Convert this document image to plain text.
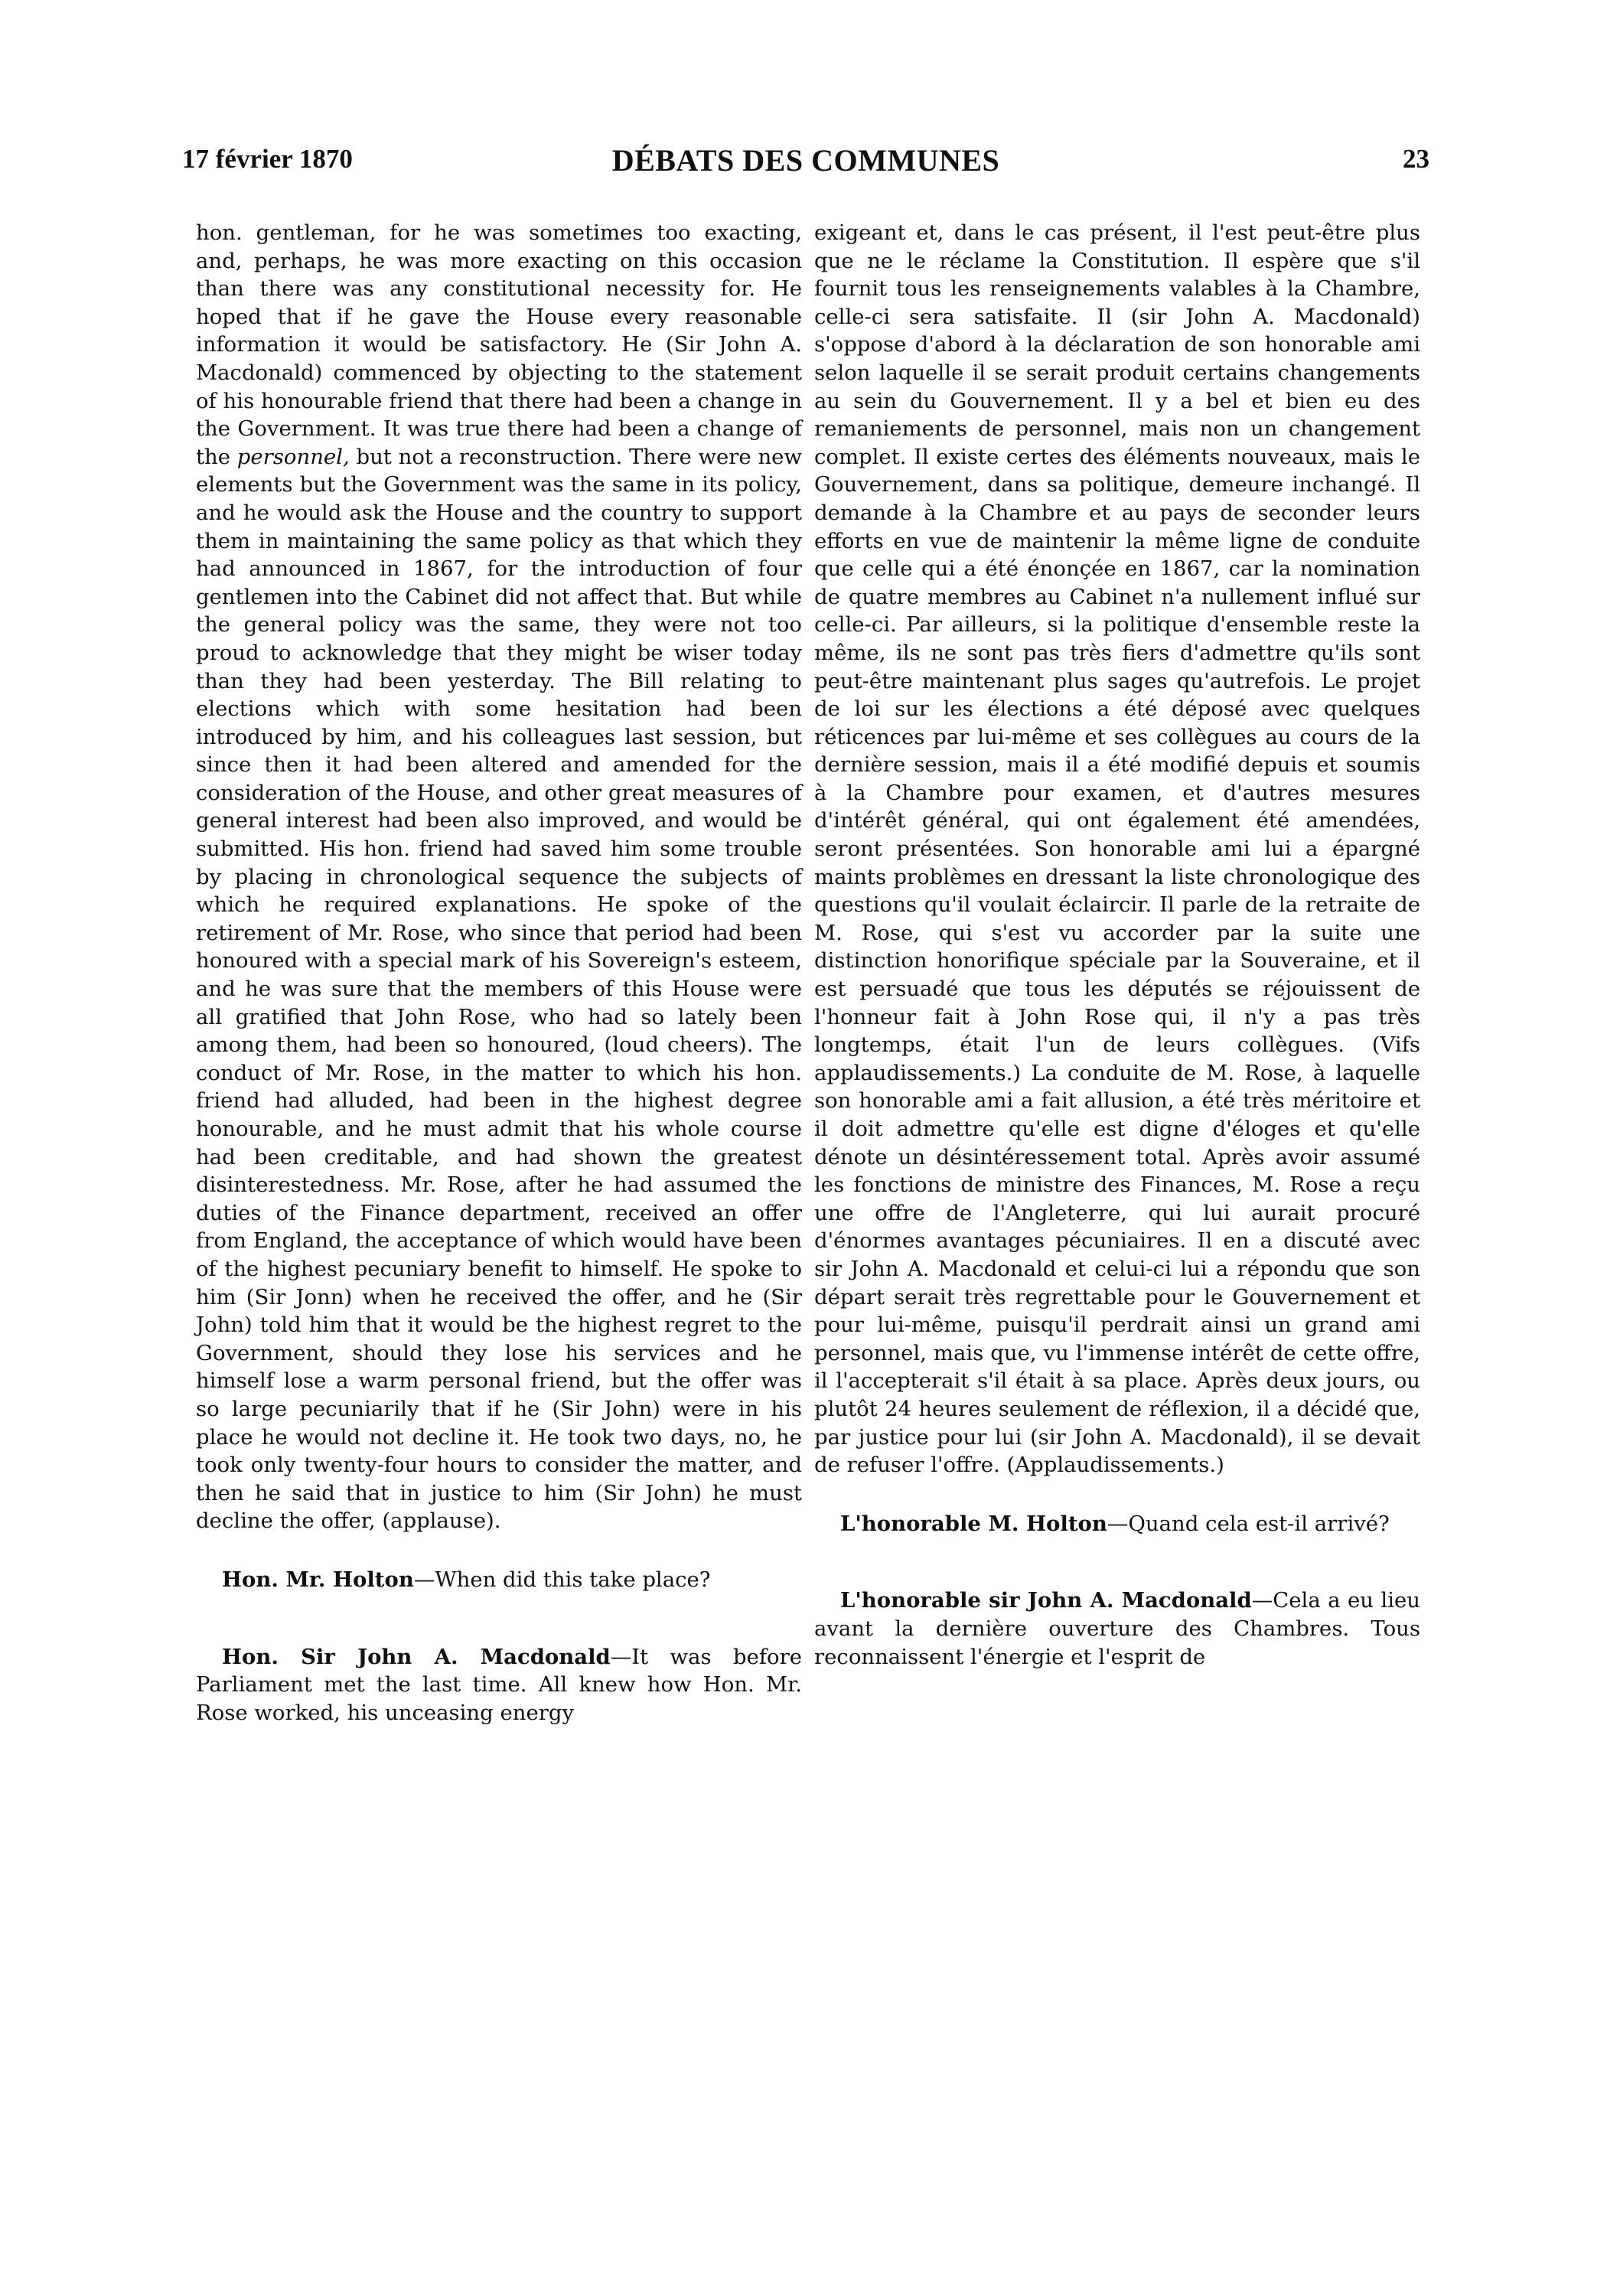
17 février 1870	DÉBATS DES COMMUNES	23

hon. gentleman, for he was sometimes too exacting, and, perhaps, he was more exacting on this occasion than there was any constitutional necessity for. He hoped that if he gave the House every reasonable information it would be satisfactory. He (Sir John A. Macdonald) commenced by objecting to the statement of his honourable friend that there had been a change in the Government. It was true there had been a change of the personnel, but not a reconstruction. There were new elements but the Government was the same in its policy, and he would ask the House and the country to support them in maintaining the same policy as that which they had announced in 1867, for the introduction of four gentlemen into the Cabinet did not affect that. But while the general policy was the same, they were not too proud to acknowledge that they might be wiser today than they had been yesterday. The Bill relating to elections which with some hesitation had been introduced by him, and his colleagues last session, but since then it had been altered and amended for the consideration of the House, and other great measures of general interest had been also improved, and would be submitted. His hon. friend had saved him some trouble by placing in chronological sequence the subjects of which he required explanations. He spoke of the retirement of Mr. Rose, who since that period had been honoured with a special mark of his Sovereign's esteem, and he was sure that the members of this House were all gratified that John Rose, who had so lately been among them, had been so honoured, (loud cheers). The conduct of Mr. Rose, in the matter to which his hon. friend had alluded, had been in the highest degree honourable, and he must admit that his whole course had been creditable, and had shown the greatest disinterestedness. Mr. Rose, after he had assumed the duties of the Finance department, received an offer from England, the acceptance of which would have been of the highest pecuniary benefit to himself. He spoke to him (Sir Jonn) when he received the offer, and he (Sir John) told him that it would be the highest regret to the Government, should they lose his services and he himself lose a warm personal friend, but the offer was so large pecuniarily that if he (Sir John) were in his place he would not decline it. He took two days, no, he took only twenty-four hours to consider the matter, and then he said that in justice to him (Sir John) he must decline the offer, (applause).

Hon. Mr. Holton—When did this take place?

Hon. Sir John A. Macdonald—It was before Parliament met the last time. All knew how Hon. Mr. Rose worked, his unceasing energy

exigeant et, dans le cas présent, il l'est peut-être plus que ne le réclame la Constitution. Il espère que s'il fournit tous les renseignements valables à la Chambre, celle-ci sera satisfaite. Il (sir John A. Macdonald) s'oppose d'abord à la déclaration de son honorable ami selon laquelle il se serait produit certains changements au sein du Gouvernement. Il y a bel et bien eu des remaniements de personnel, mais non un changement complet. Il existe certes des éléments nouveaux, mais le Gouvernement, dans sa politique, demeure inchangé. Il demande à la Chambre et au pays de seconder leurs efforts en vue de maintenir la même ligne de conduite que celle qui a été énonçée en 1867, car la nomination de quatre membres au Cabinet n'a nullement influé sur celle-ci. Par ailleurs, si la politique d'ensemble reste la même, ils ne sont pas très fiers d'admettre qu'ils sont peut-être maintenant plus sages qu'autrefois. Le projet de loi sur les élections a été déposé avec quelques réticences par lui-même et ses collègues au cours de la dernière session, mais il a été modifié depuis et soumis à la Chambre pour examen, et d'autres mesures d'intérêt général, qui ont également été amendées, seront présentées. Son honorable ami lui a épargné maints problèmes en dressant la liste chronologique des questions qu'il voulait éclaircir. Il parle de la retraite de M. Rose, qui s'est vu accorder par la suite une distinction honorifique spéciale par la Souveraine, et il est persuadé que tous les députés se réjouissent de l'honneur fait à John Rose qui, il n'y a pas très longtemps, était l'un de leurs collègues. (Vifs applaudissements.) La conduite de M. Rose, à laquelle son honorable ami a fait allusion, a été très méritoire et il doit admettre qu'elle est digne d'éloges et qu'elle dénote un désintéressement total. Après avoir assumé les fonctions de ministre des Finances, M. Rose a reçu une offre de l'Angleterre, qui lui aurait procuré d'énormes avantages pécuniaires. Il en a discuté avec sir John A. Macdonald et celui-ci lui a répondu que son départ serait très regrettable pour le Gouvernement et pour lui-même, puisqu'il perdrait ainsi un grand ami personnel, mais que, vu l'immense intérêt de cette offre, il l'accepterait s'il était à sa place. Après deux jours, ou plutôt 24 heures seulement de réflexion, il a décidé que, par justice pour lui (sir John A. Macdonald), il se devait de refuser l'offre. (Applaudissements.)

L'honorable M. Holton—Quand cela est-il arrivé?

L'honorable sir John A. Macdonald—Cela a eu lieu avant la dernière ouverture des Chambres. Tous reconnaissent l'énergie et l'esprit de
